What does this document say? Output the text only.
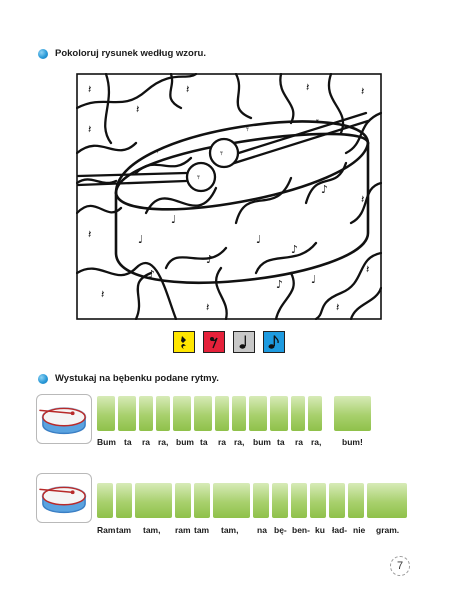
Pokoloruj rysunek według wzoru.
𝄾
𝄾
𝄽
𝄽
𝄽	𝄽	𝄽
𝄽
𝄽
𝄽
𝄽	𝄽
𝄽
𝄽
𝄾
𝄾
𝄾
♩
♩
♩
♪
♪
♪
♪
♪	♩
Wystukaj na bębenku podane rytmy.
Bum ta ra ra, bum ta ra ra, bum ta ra ra, bum!
Ram tam tam, ram tam tam, na bę- ben- ku ład- nie gram.
7
